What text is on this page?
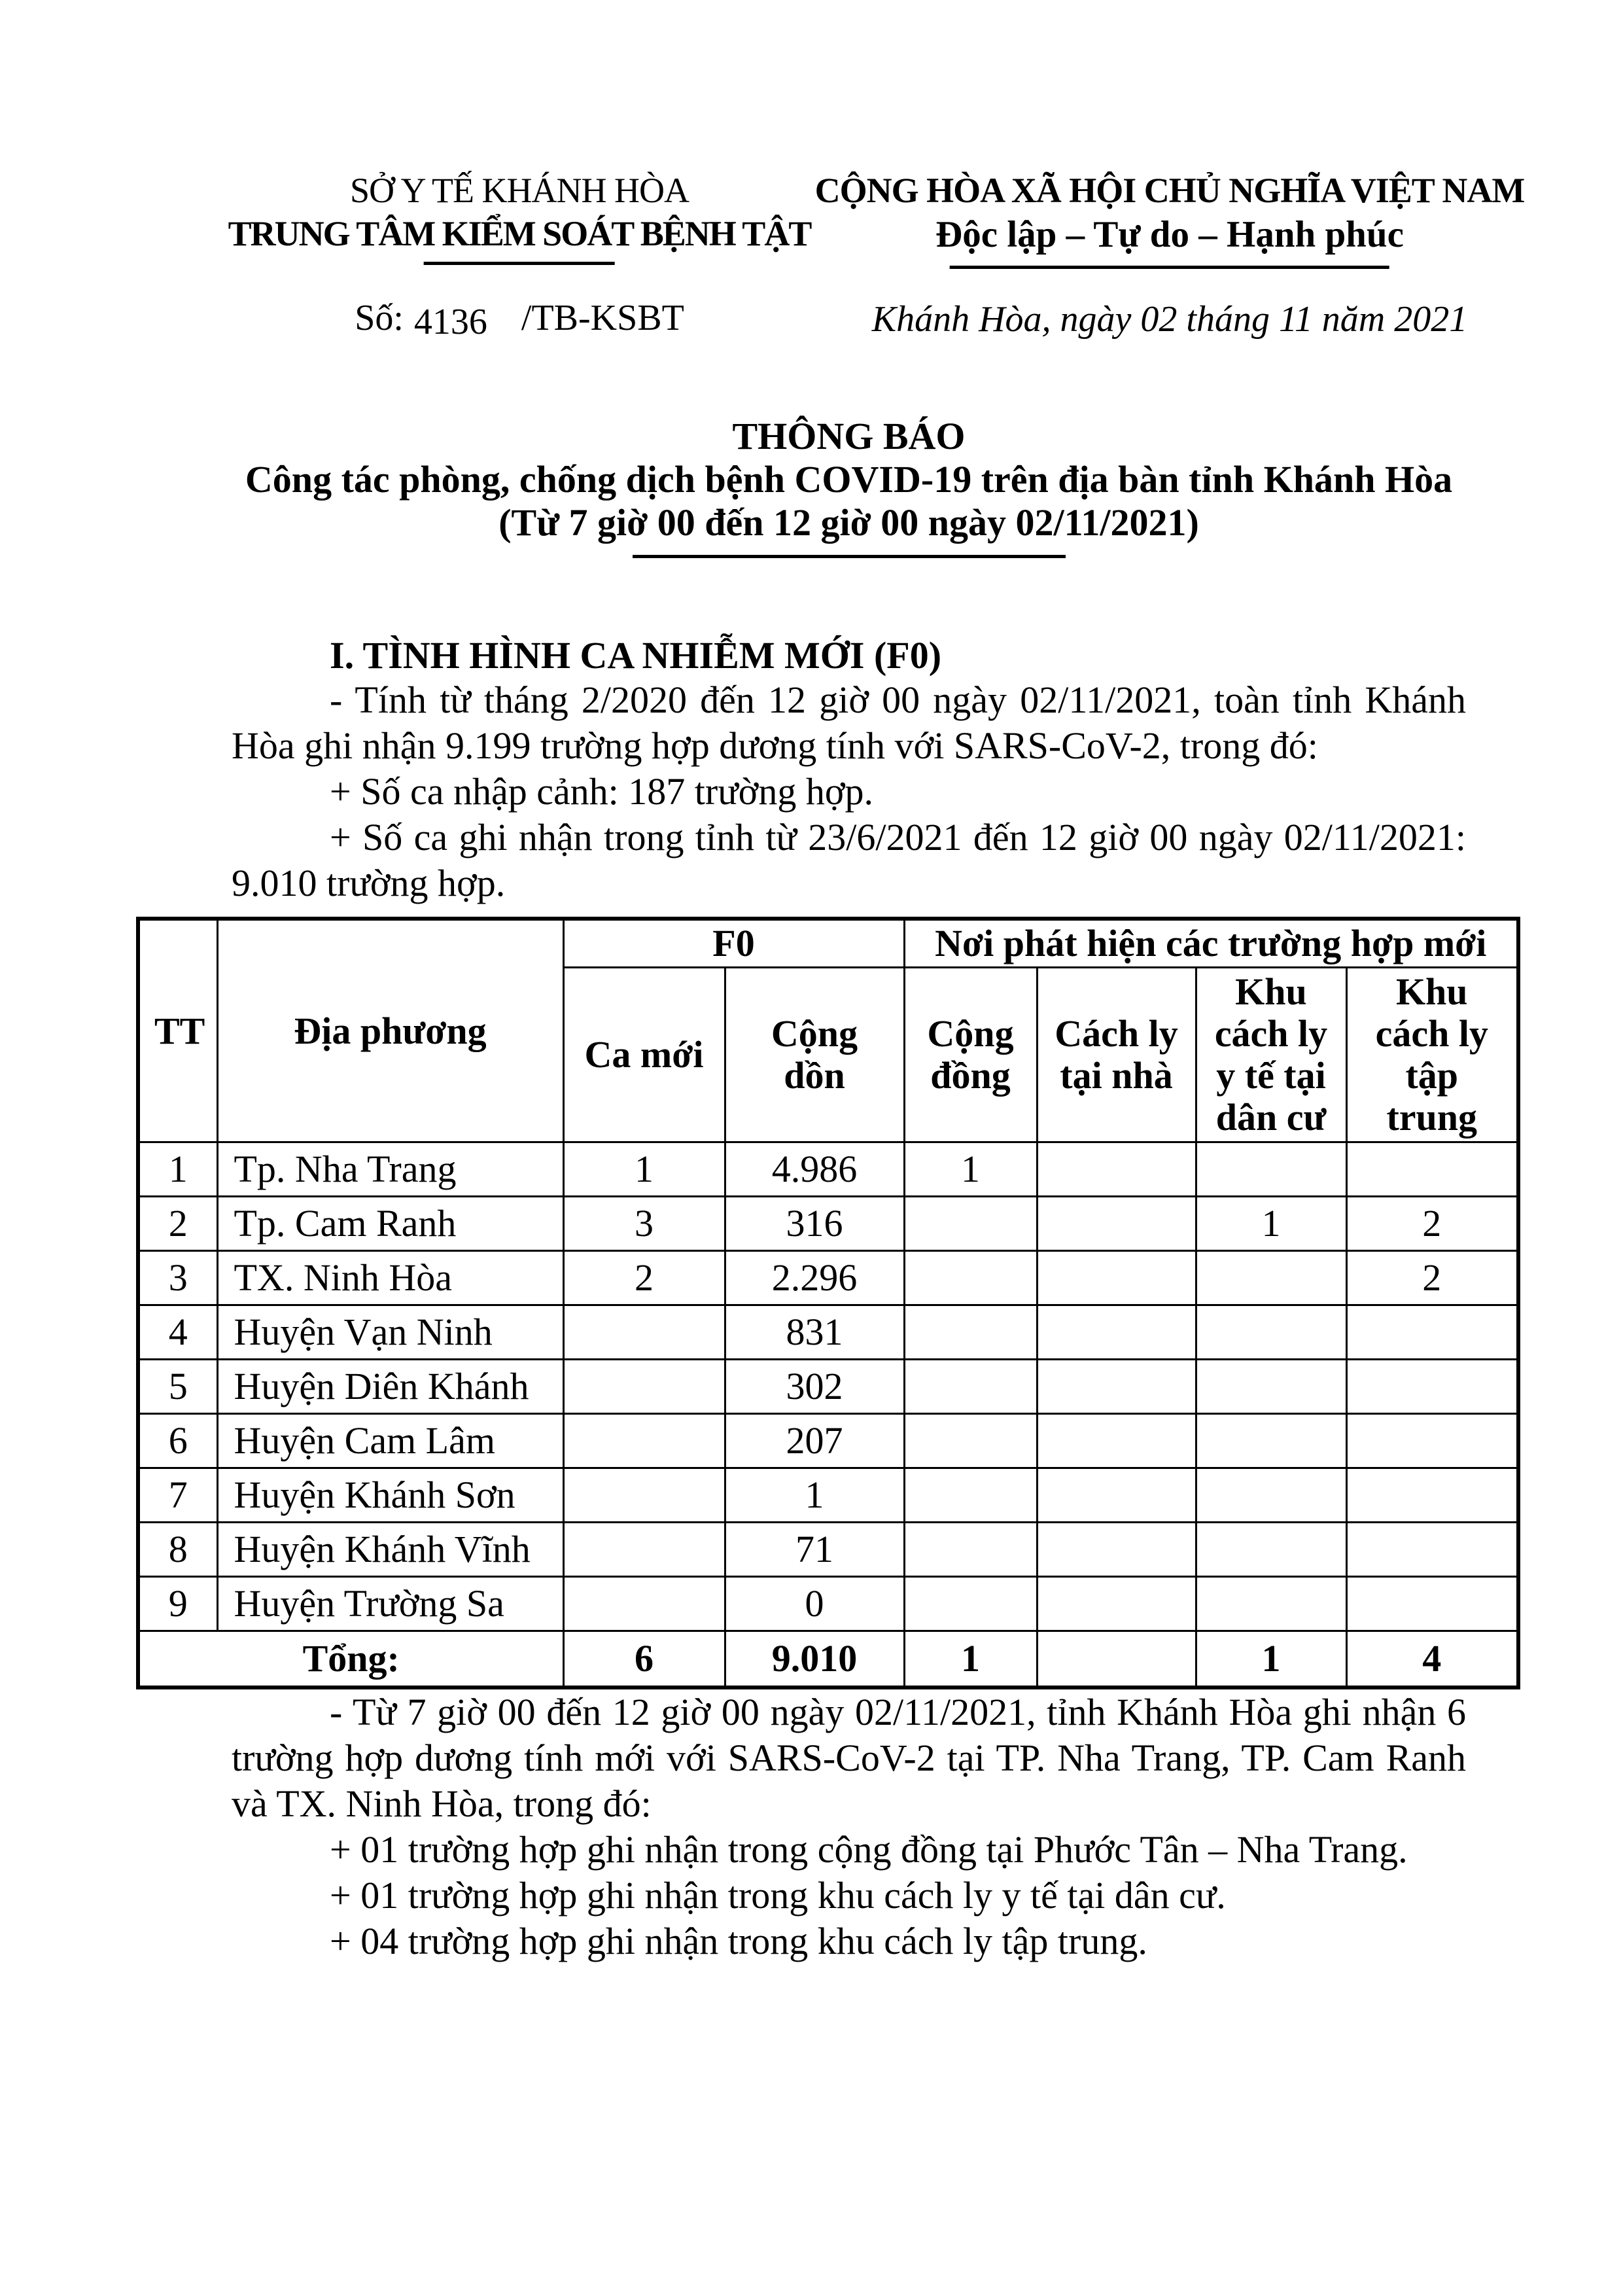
SỞ Y TẾ KHÁNH HÒA
TRUNG TÂM KIỂM SOÁT BỆNH TẬT
Số: 4136 /TB-KSBT
CỘNG HÒA XÃ HỘI CHỦ NGHĨA VIỆT NAM
Độc lập – Tự do – Hạnh phúc
Khánh Hòa, ngày 02 tháng 11 năm 2021
THÔNG BÁO
Công tác phòng, chống dịch bệnh COVID-19 trên địa bàn tỉnh Khánh Hòa
(Từ 7 giờ 00 đến 12 giờ 00 ngày 02/11/2021)
I. TÌNH HÌNH CA NHIỄM MỚI (F0)

- Tính từ tháng 2/2020 đến 12 giờ 00 ngày 02/11/2021, toàn tỉnh Khánh Hòa ghi nhận 9.199 trường hợp dương tính với SARS-CoV-2, trong đó:

+ Số ca nhập cảnh: 187 trường hợp.

+ Số ca ghi nhận trong tỉnh từ 23/6/2021 đến 12 giờ 00 ngày 02/11/2021: 9.010 trường hợp.

TT	Địa phương	F0		Nơi phát hiện các trường hợp mới			
		Ca mới	Cộng dồn	Cộng đồng	Cách ly tại nhà	Khu cách ly y tế tại dân cư	Khu cách ly tập trung
1	Tp. Nha Trang	1	4.986	1			
2	Tp. Cam Ranh	3	316			1	2
3	TX. Ninh Hòa	2	2.296				2
4	Huyện Vạn Ninh		831				
5	Huyện Diên Khánh		302				
6	Huyện Cam Lâm		207				
7	Huyện Khánh Sơn		1				
8	Huyện Khánh Vĩnh		71				
9	Huyện Trường Sa		0				
Tổng:		6	9.010	1		1	4

- Từ 7 giờ 00 đến 12 giờ 00 ngày 02/11/2021, tỉnh Khánh Hòa ghi nhận 6 trường hợp dương tính mới với SARS-CoV-2 tại TP. Nha Trang, TP. Cam Ranh và TX. Ninh Hòa, trong đó:

+ 01 trường hợp ghi nhận trong cộng đồng tại Phước Tân – Nha Trang.

+ 01 trường hợp ghi nhận trong khu cách ly y tế tại dân cư.

+ 04 trường hợp ghi nhận trong khu cách ly tập trung.
